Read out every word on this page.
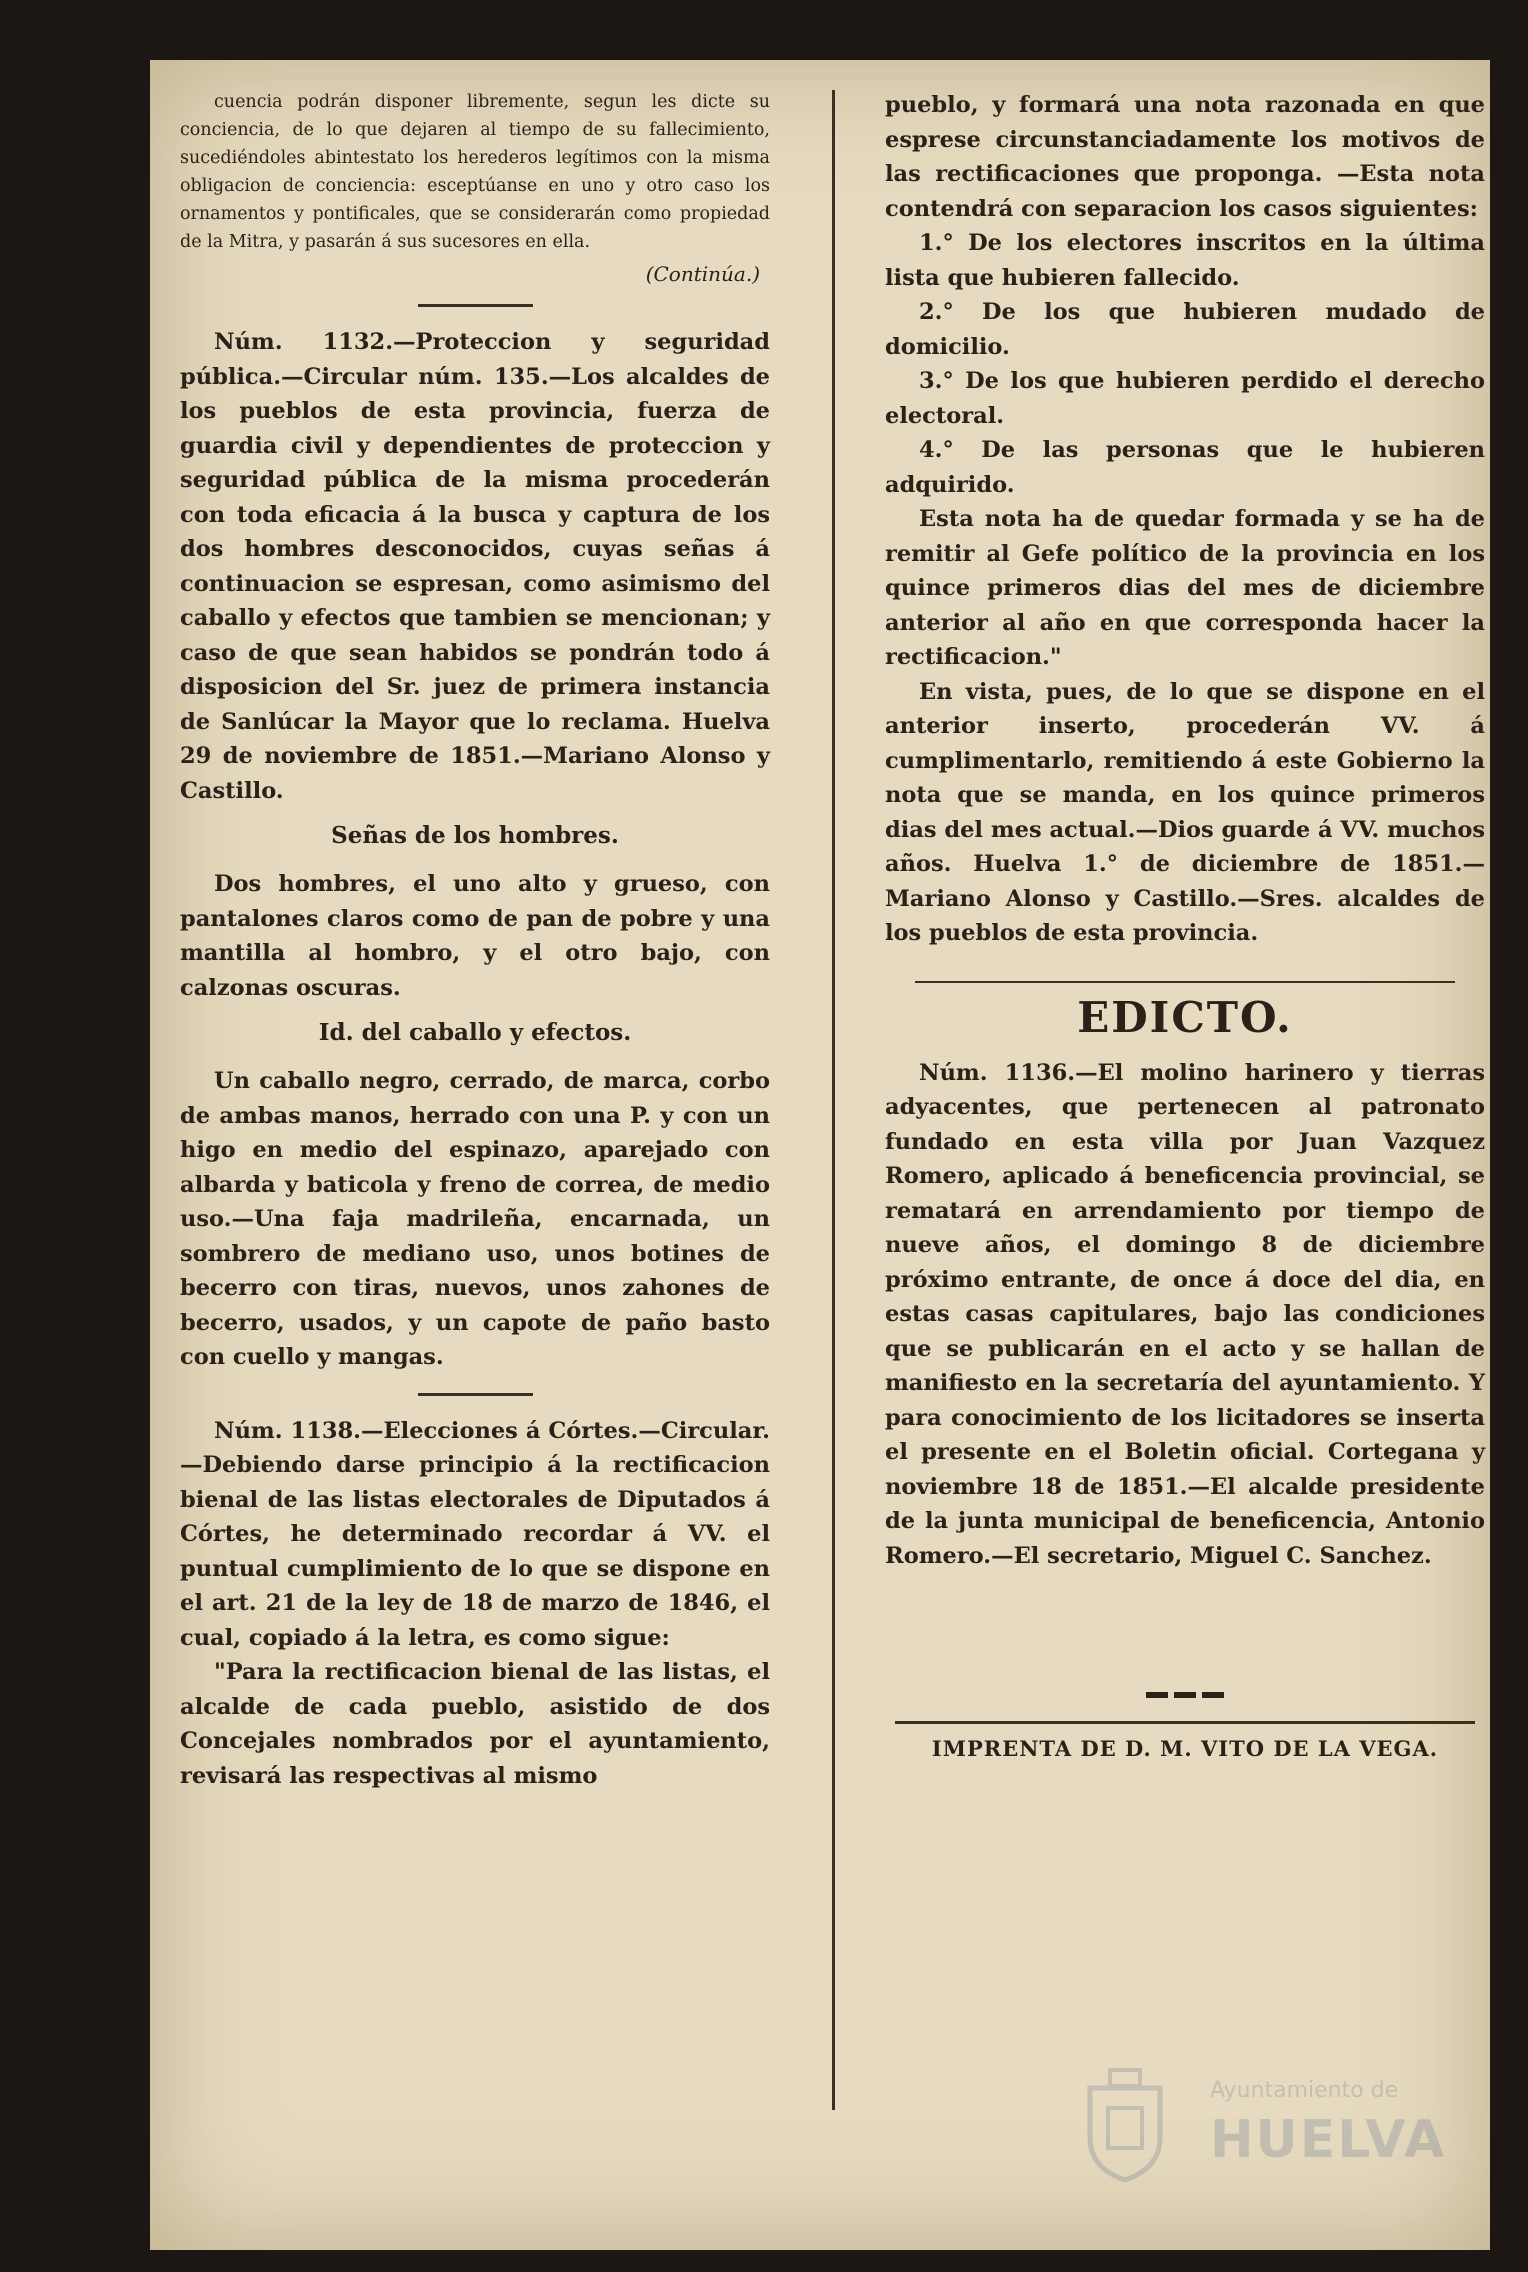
cuencia podrán disponer libremente, segun les dicte su conciencia, de lo que dejaren al tiempo de su fallecimiento, sucediéndoles abintestato los herederos legítimos con la misma obligacion de conciencia: esceptúanse en uno y otro caso los ornamentos y pontificales, que se considerarán como propiedad de la Mitra, y pasarán á sus sucesores en ella.

(Continúa.)

Núm. 1132.—Proteccion y seguridad pública.—Circular núm. 135.—Los alcaldes de los pueblos de esta provincia, fuerza de guardia civil y dependientes de proteccion y seguridad pública de la misma procederán con toda eficacia á la busca y captura de los dos hombres desconocidos, cuyas señas á continuacion se espresan, como asimismo del caballo y efectos que tambien se mencionan; y caso de que sean habidos se pondrán todo á disposicion del Sr. juez de primera instancia de Sanlúcar la Mayor que lo reclama. Huelva 29 de noviembre de 1851.—Mariano Alonso y Castillo.

Señas de los hombres.

Dos hombres, el uno alto y grueso, con pantalones claros como de pan de pobre y una mantilla al hombro, y el otro bajo, con calzonas oscuras.

Id. del caballo y efectos.

Un caballo negro, cerrado, de marca, corbo de ambas manos, herrado con una P. y con un higo en medio del espinazo, aparejado con albarda y baticola y freno de correa, de medio uso.—Una faja madrileña, encarnada, un sombrero de mediano uso, unos botines de becerro con tiras, nuevos, unos zahones de becerro, usados, y un capote de paño basto con cuello y mangas.

Núm. 1138.—Elecciones á Córtes.—Circular.—Debiendo darse principio á la rectificacion bienal de las listas electorales de Diputados á Córtes, he determinado recordar á VV. el puntual cumplimiento de lo que se dispone en el art. 21 de la ley de 18 de marzo de 1846, el cual, copiado á la letra, es como sigue:

"Para la rectificacion bienal de las listas, el alcalde de cada pueblo, asistido de dos Concejales nombrados por el ayuntamiento, revisará las respectivas al mismo

pueblo, y formará una nota razonada en que esprese circunstanciadamente los motivos de las rectificaciones que proponga. —Esta nota contendrá con separacion los casos siguientes:

1.° De los electores inscritos en la última lista que hubieren fallecido.

2.° De los que hubieren mudado de domicilio.

3.° De los que hubieren perdido el derecho electoral.

4.° De las personas que le hubieren adquirido.

Esta nota ha de quedar formada y se ha de remitir al Gefe político de la provincia en los quince primeros dias del mes de diciembre anterior al año en que corresponda hacer la rectificacion."

En vista, pues, de lo que se dispone en el anterior inserto, procederán VV. á cumplimentarlo, remitiendo á este Gobierno la nota que se manda, en los quince primeros dias del mes actual.—Dios guarde á VV. muchos años. Huelva 1.° de diciembre de 1851.—Mariano Alonso y Castillo.—Sres. alcaldes de los pueblos de esta provincia.

EDICTO.

Núm. 1136.—El molino harinero y tierras adyacentes, que pertenecen al patronato fundado en esta villa por Juan Vazquez Romero, aplicado á beneficencia provincial, se rematará en arrendamiento por tiempo de nueve años, el domingo 8 de diciembre próximo entrante, de once á doce del dia, en estas casas capitulares, bajo las condiciones que se publicarán en el acto y se hallan de manifiesto en la secretaría del ayuntamiento. Y para conocimiento de los licitadores se inserta el presente en el Boletin oficial. Cortegana y noviembre 18 de 1851.—El alcalde presidente de la junta municipal de beneficencia, Antonio Romero.—El secretario, Miguel C. Sanchez.

IMPRENTA DE D. M. VITO DE LA VEGA.
Ayuntamiento de
HUELVA
